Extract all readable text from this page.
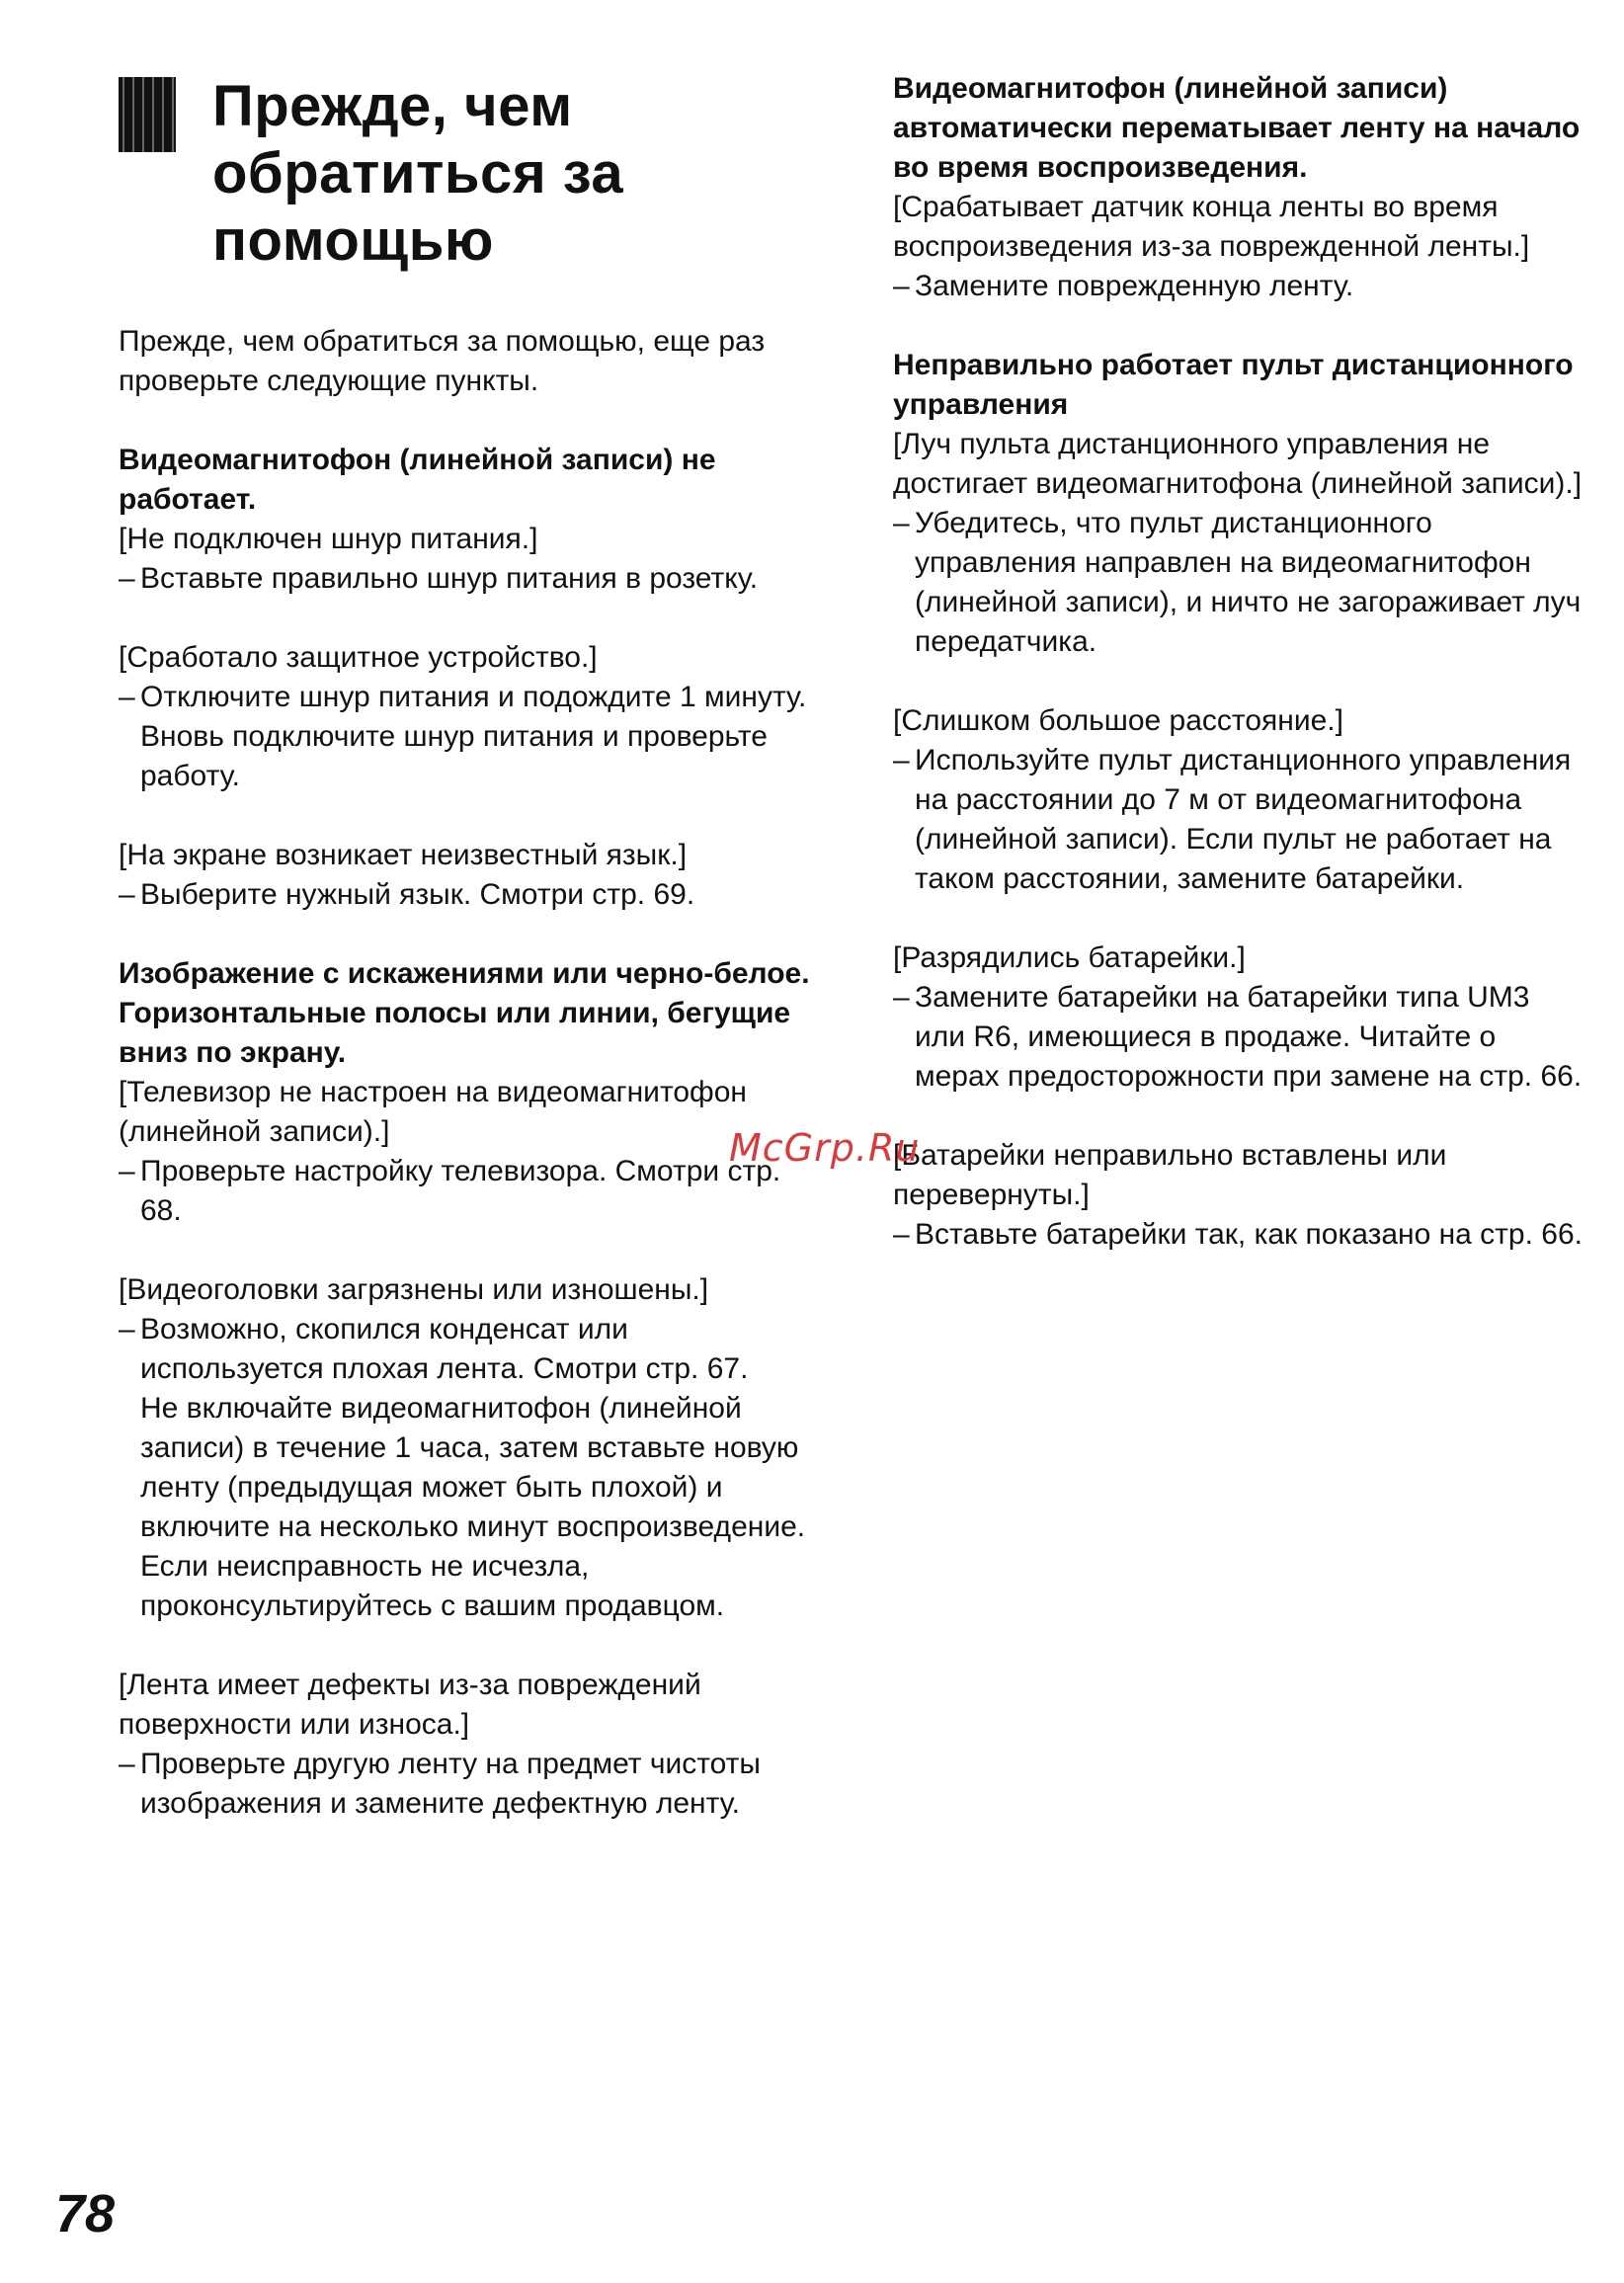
Прежде, чем
обратиться за
помощью

Прежде, чем обратиться за помощью, еще раз проверьте следующие пункты.

Видеомагнитофон (линейной записи) не работает.
[Не подключен шнур питания.]
– Вставьте правильно шнур питания в розетку.
[Сработало защитное устройство.]
– Отключите шнур питания и подождите 1 минуту. Вновь подключите шнур питания и проверьте работу.
[На экране возникает неизвестный язык.]
– Выберите нужный язык. Смотри стр. 69.
Изображение с искажениями или черно-белое.
Горизонтальные полосы или линии, бегущие вниз по экрану.
[Телевизор не настроен на видеомагнитофон (линейной записи).]
– Проверьте настройку телевизора. Смотри стр. 68.
[Видеоголовки загрязнены или изношены.]
– Возможно, скопился конденсат или используется плохая лента. Смотри стр. 67.
Не включайте видеомагнитофон (линейной записи) в течение 1 часа, затем вставьте новую ленту (предыдущая может быть плохой) и включите на несколько минут воспроизведение. Если неисправность не исчезла, проконсультируйтесь с вашим продавцом.
[Лента имеет дефекты из-за повреждений поверхности или износа.]
– Проверьте другую ленту на предмет чистоты изображения и замените дефектную ленту.
Видеомагнитофон (линейной записи) автоматически перематывает ленту на начало во время воспроизведения.
[Срабатывает датчик конца ленты во время воспроизведения из-за поврежденной ленты.]
– Замените поврежденную ленту.
Неправильно работает пульт дистанционного управления
[Луч пульта дистанционного управления не достигает видеомагнитофона (линейной записи).]
– Убедитесь, что пульт дистанционного управления направлен на видеомагнитофон (линейной записи), и ничто не загораживает луч передатчика.
[Слишком большое расстояние.]
– Используйте пульт дистанционного управления на расстоянии до 7 м от видеомагнитофона (линейной записи). Если пульт не работает на таком расстоянии, замените батарейки.
[Разрядились батарейки.]
– Замените батарейки на батарейки типа UM3 или R6, имеющиеся в продаже. Читайте о мерах предосторожности при замене на стр. 66.
[Батарейки неправильно вставлены или перевернуты.]
– Вставьте батарейки так, как показано на стр. 66.
McGrp.Ru
78
